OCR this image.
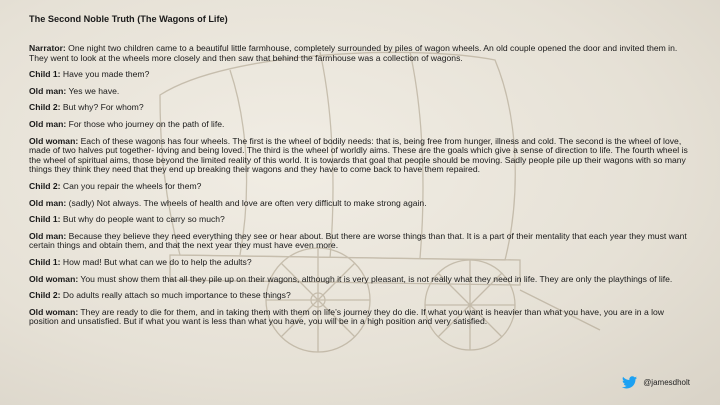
The Second Noble Truth (The Wagons of Life)
Narrator: One night two children came to a beautiful little farmhouse, completely surrounded by piles of wagon wheels. An old couple opened the door and invited them in. They went to look at the wheels more closely and then saw that behind the farmhouse was a collection of wagons.
Child 1: Have you made them?
Old man: Yes we have.
Child 2: But why? For whom?
Old man: For those who journey on the path of life.
Old woman: Each of these wagons has four wheels. The first is the wheel of bodily needs: that is, being free from hunger, illness and cold. The second is the wheel of love, made of two halves put together- loving and being loved. The third is the wheel of worldly aims. These are the goals which give a sense of direction to life. The fourth wheel is the wheel of spiritual aims, those beyond the limited reality of this world. It is towards that goal that people should be moving. Sadly people pile up their wagons with so many things they think they need that they end up breaking their wagons and they have to come back to have them repaired.
Child 2: Can you repair the wheels for them?
Old man: (sadly) Not always. The wheels of health and love are often very difficult to make strong again.
Child 1: But why do people want to carry so much?
Old man: Because they believe they need everything they see or hear about. But there are worse things than that. It is a part of their mentality that each year they must want certain things and obtain them, and that the next year they must have even more.
Child 1: How mad! But what can we do to help the adults?
Old woman: You must show them that all they pile up on their wagons, although it is very pleasant, is not really what they need in life. They are only the playthings of life.
Child 2: Do adults really attach so much importance to these things?
Old woman: They are ready to die for them, and in taking them with them on life’s journey they do die. If what you want is heavier than what you have, you are in a low position and unsatisfied. But if what you want is less than what you have, you will be in a high position and very satisfied.
@jamesdholt
